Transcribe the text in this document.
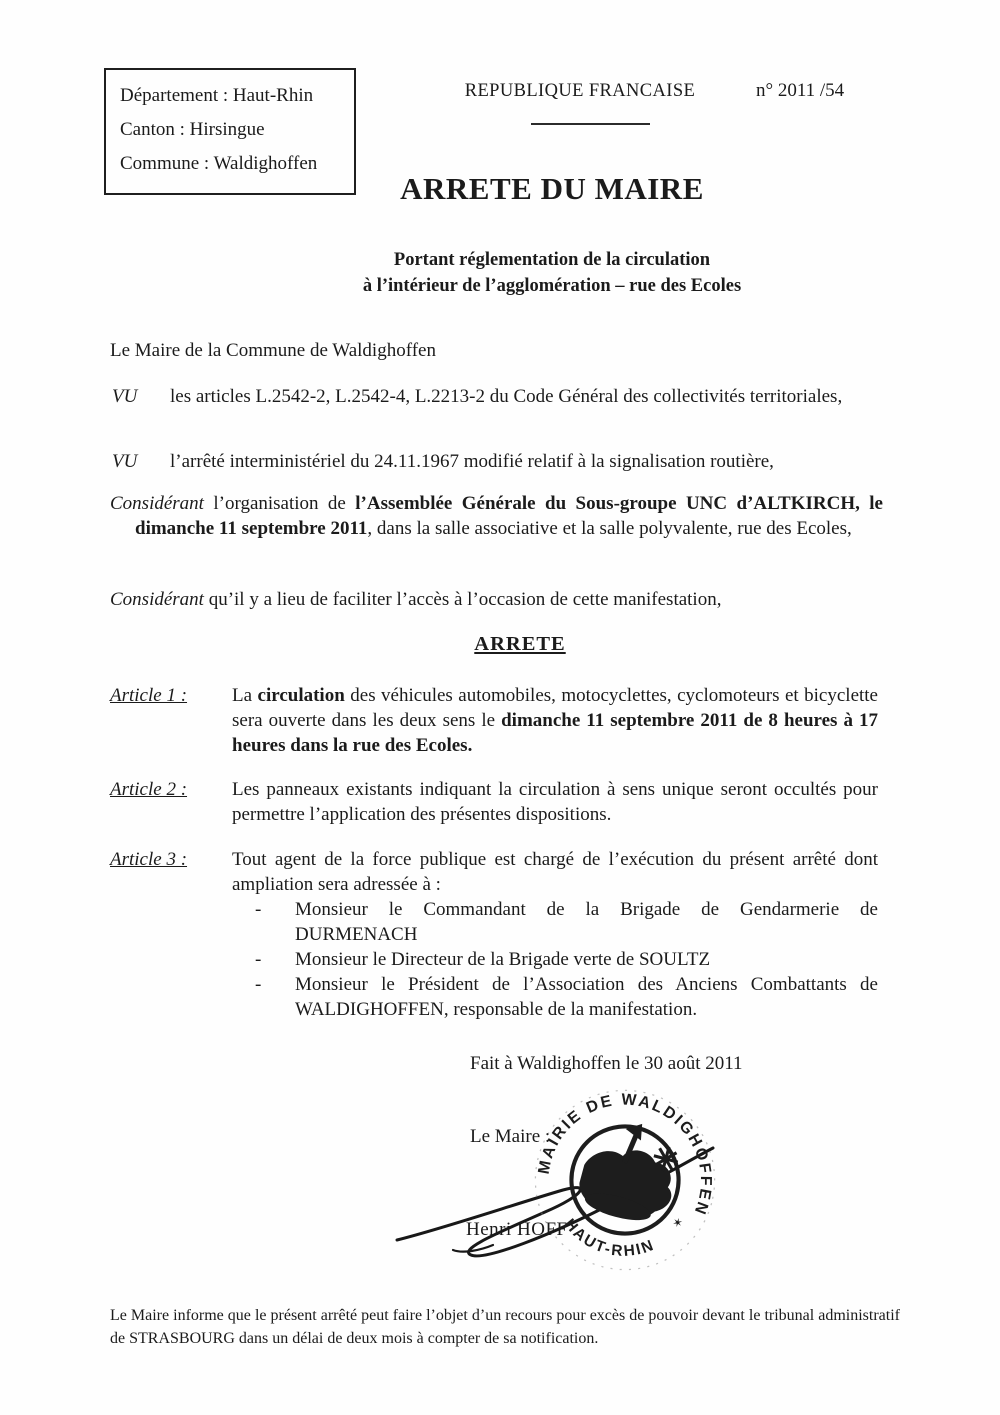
Département : Haut-Rhin
Canton : Hirsingue
Commune : Waldighoffen
REPUBLIQUE FRANCAISE	n° 2011 /54
ARRETE DU MAIRE
Portant réglementation de la circulation
à l’intérieur de l’agglomération – rue des Ecoles
Le Maire de la Commune de Waldighoffen
VU les articles L.2542-2, L.2542-4, L.2213-2 du Code Général des collectivités territoriales,
VU l’arrêté interministériel du 24.11.1967 modifié relatif à la signalisation routière,
Considérant l’organisation de l’Assemblée Générale du Sous-groupe UNC d’ALTKIRCH, le dimanche 11 septembre 2011, dans la salle associative et la salle polyvalente, rue des Ecoles,
Considérant qu’il y a lieu de faciliter l’accès à l’occasion de cette manifestation,
ARRETE
Article 1 : La circulation des véhicules automobiles, motocyclettes, cyclomoteurs et bicyclette sera ouverte dans les deux sens le dimanche 11 septembre 2011 de 8 heures à 17 heures dans la rue des Ecoles.
Article 2 : Les panneaux existants indiquant la circulation à sens unique seront occultés pour permettre l’application des présentes dispositions.
Article 3 : Tout agent de la force publique est chargé de l’exécution du présent arrêté dont ampliation sera adressée à :
- Monsieur le Commandant de la Brigade de Gendarmerie de
DURMENACH
- Monsieur le Directeur de la Brigade verte de SOULTZ
- Monsieur le Président de l’Association des Anciens Combattants de WALDIGHOFFEN, responsable de la manifestation.
Fait à Waldighoffen le 30 août 2011
Le Maire :
Henri HOFF
MAIRIE DE WALDIGHOFFEN
HAUT-RHIN
✶
Le Maire informe que le présent arrêté peut faire l’objet d’un recours pour excès de pouvoir devant le tribunal administratif de STRASBOURG dans un délai de deux mois à compter de sa notification.
